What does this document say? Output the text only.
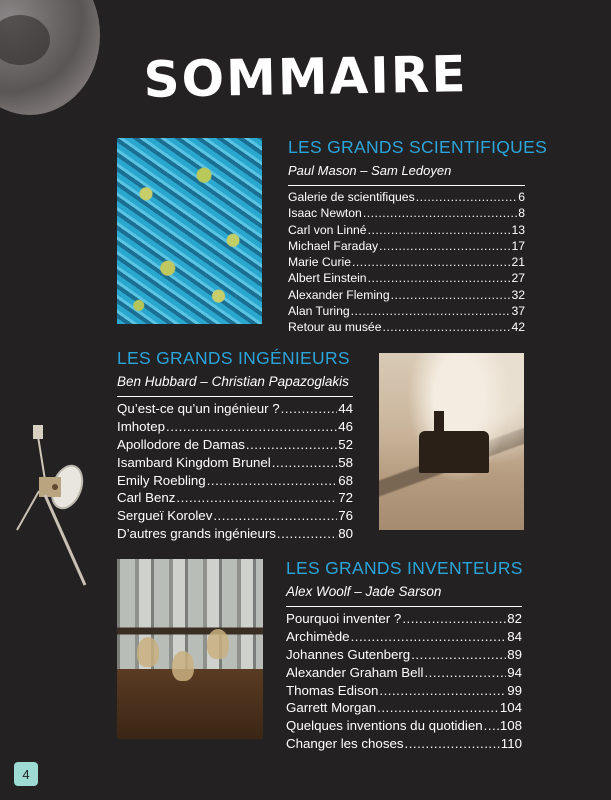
SOMMAIRE
LES GRANDS SCIENTIFIQUES
Paul Mason – Sam Ledoyen
Galerie de scientifiques .....	6
Isaac Newton .....	8
Carl von Linné .....	13
Michael Faraday .....	17
Marie Curie .....	21
Albert Einstein .....	27
Alexander Fleming .....	32
Alan Turing .....	37
Retour au musée .....	42
LES GRANDS INGÉNIEURS
Ben Hubbard – Christian Papazoglakis
Qu’est-ce qu’un ingénieur ? .....	44
Imhotep .....	46
Apollodore de Damas .....	52
Isambard Kingdom Brunel .....	58
Emily Roebling .....	68
Carl Benz .....	72
Sergueï Korolev .....	76
D’autres grands ingénieurs .....	80
LES GRANDS INVENTEURS
Alex Woolf – Jade Sarson
Pourquoi inventer ? .....	82
Archimède .....	84
Johannes Gutenberg .....	89
Alexander Graham Bell .....	94
Thomas Edison .....	99
Garrett Morgan .....	104
Quelques inventions du quotidien ..... 108
Changer les choses .....	110
4
